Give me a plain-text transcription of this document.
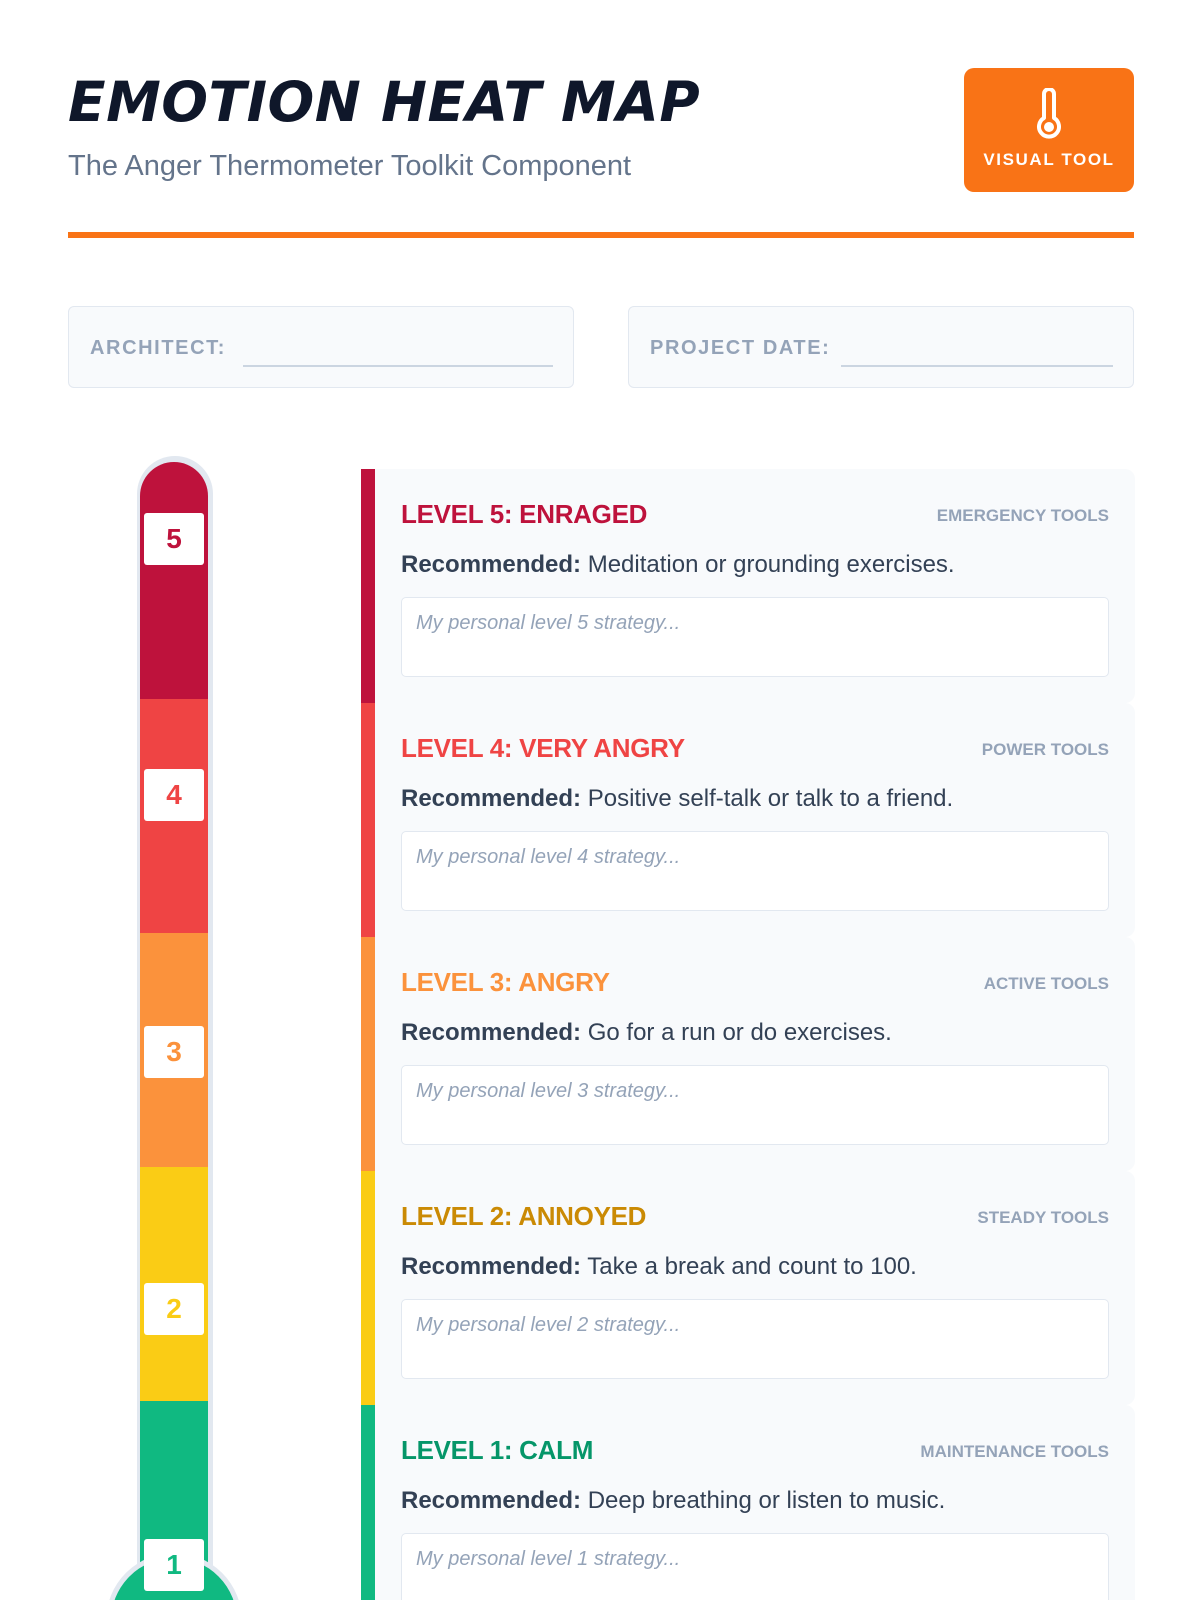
EMOTION HEAT MAP
The Anger Thermometer Toolkit Component	VISUAL TOOL
ARCHITECT:	PROJECT DATE:
5
4
3
2
1
LEVEL 5: ENRAGED	EMERGENCY TOOLS
Recommended: Meditation or grounding exercises.
My personal level 5 strategy...
LEVEL 4: VERY ANGRY	POWER TOOLS
Recommended: Positive self-talk or talk to a friend.
My personal level 4 strategy...
LEVEL 3: ANGRY	ACTIVE TOOLS
Recommended: Go for a run or do exercises.
My personal level 3 strategy...
LEVEL 2: ANNOYED	STEADY TOOLS
Recommended: Take a break and count to 100.
My personal level 2 strategy...
LEVEL 1: CALM	MAINTENANCE TOOLS
Recommended: Deep breathing or listen to music.
My personal level 1 strategy...
